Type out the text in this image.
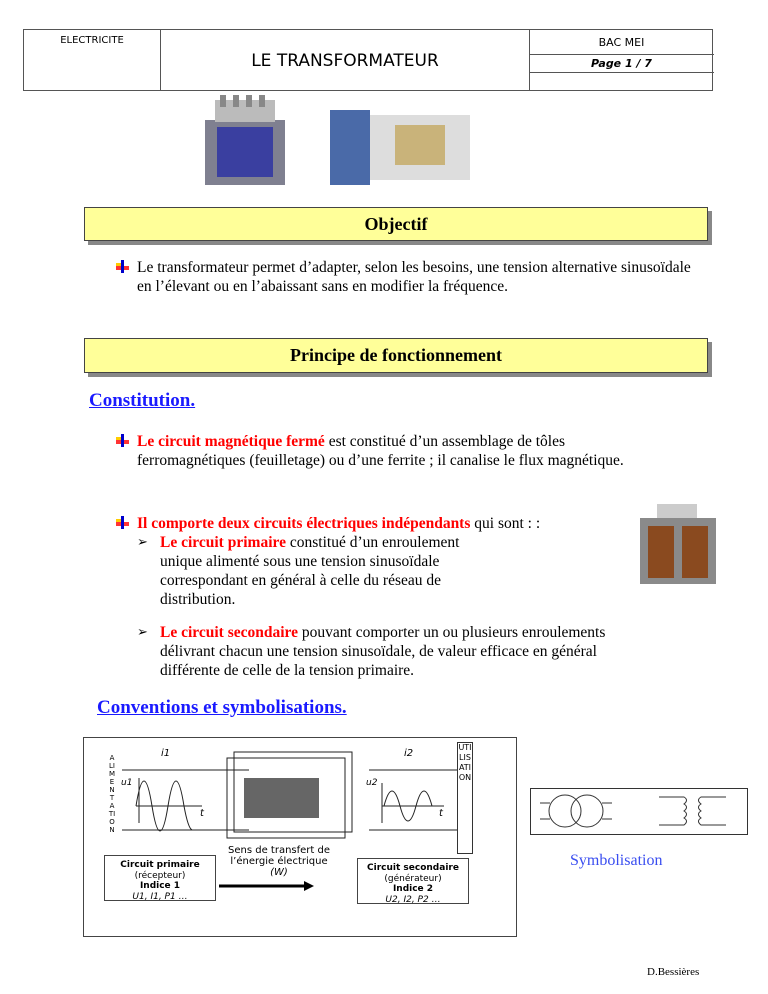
ELECTRICITE
LE TRANSFORMATEUR
BAC MEI
Page 1 / 7
Objectif
Le transformateur permet d’adapter, selon les besoins, une tension alternative sinusoïdale en l’élevant ou en l’abaissant sans en modifier la fréquence.
Principe de fonctionnement
Constitution.
Le circuit magnétique fermé est constitué d’un assemblage de tôles ferromagnétiques (feuilletage) ou d’une ferrite ; il canalise le flux magnétique.
Il comporte deux circuits électriques indépendants qui sont : :
➢ Le circuit primaire constitué d’un enroulement unique alimenté sous une tension sinusoïdale correspondant en général à celle du réseau de distribution.
➢ Le circuit secondaire pouvant comporter un ou plusieurs enroulements délivrant chacun une tension sinusoïdale, de valeur efficace en général différente de celle de la tension primaire.
Conventions et symbolisations.
ALIMENTATION
UTILISATION
i1	i2
u1	u2
t	t
Sens de transfert de
l’énergie électrique
(W)
Circuit primaire
(récepteur)
Indice 1
U1, I1, P1 …
Circuit secondaire
(générateur)
Indice 2
U2, I2, P2 …
Symbolisation
D.Bessières
